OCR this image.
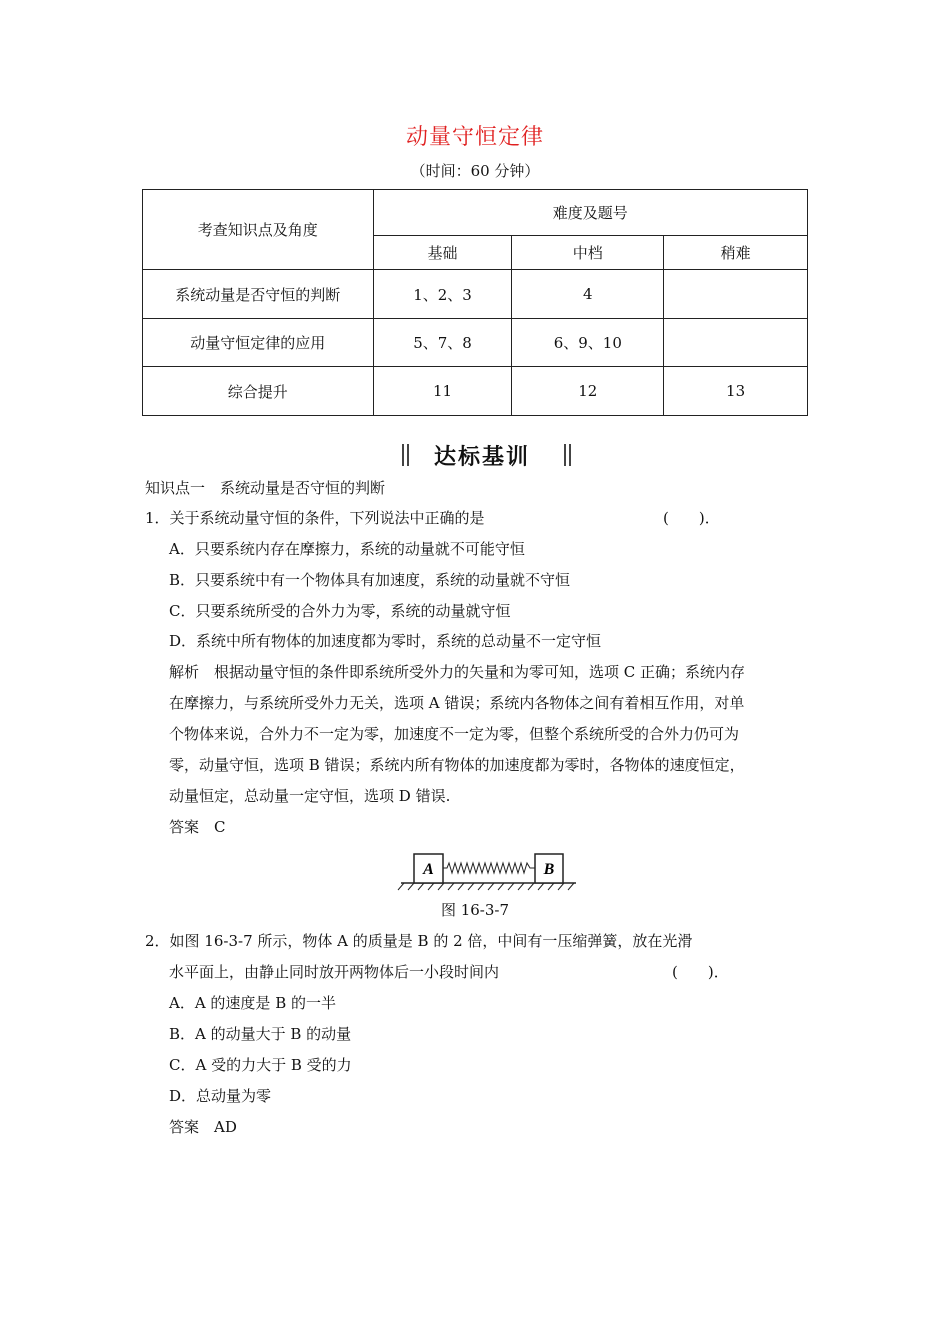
动量守恒定律
（时间：60 分钟）
考查知识点及角度	难度及题号		
	基础	中档	稍难
系统动量是否守恒的判断	1、2、3	4	
动量守恒定律的应用	5、7、8	6、9、10	
综合提升	11	12	13
达标基训
知识点一　系统动量是否守恒的判断
1．关于系统动量守恒的条件，下列说法中正确的是	(　　)．
A．只要系统内存在摩擦力，系统的动量就不可能守恒
B．只要系统中有一个物体具有加速度，系统的动量就不守恒
C．只要系统所受的合外力为零，系统的动量就守恒
D．系统中所有物体的加速度都为零时，系统的总动量不一定守恒
解析　根据动量守恒的条件即系统所受外力的矢量和为零可知，选项 C 正确；系统内存
在摩擦力，与系统所受外力无关，选项 A 错误；系统内各物体之间有着相互作用，对单
个物体来说，合外力不一定为零，加速度不一定为零，但整个系统所受的合外力仍可为
零，动量守恒，选项 B 错误；系统内所有物体的加速度都为零时，各物体的速度恒定，
动量恒定，总动量一定守恒，选项 D 错误.
答案　C
A	B
图 16-3-7
2．如图 16-3-7 所示，物体 A 的质量是 B 的 2 倍，中间有一压缩弹簧，放在光滑
水平面上，由静止同时放开两物体后一小段时间内	(　　)．
A．A 的速度是 B 的一半
B．A 的动量大于 B 的动量
C．A 受的力大于 B 受的力
D．总动量为零
答案　AD
